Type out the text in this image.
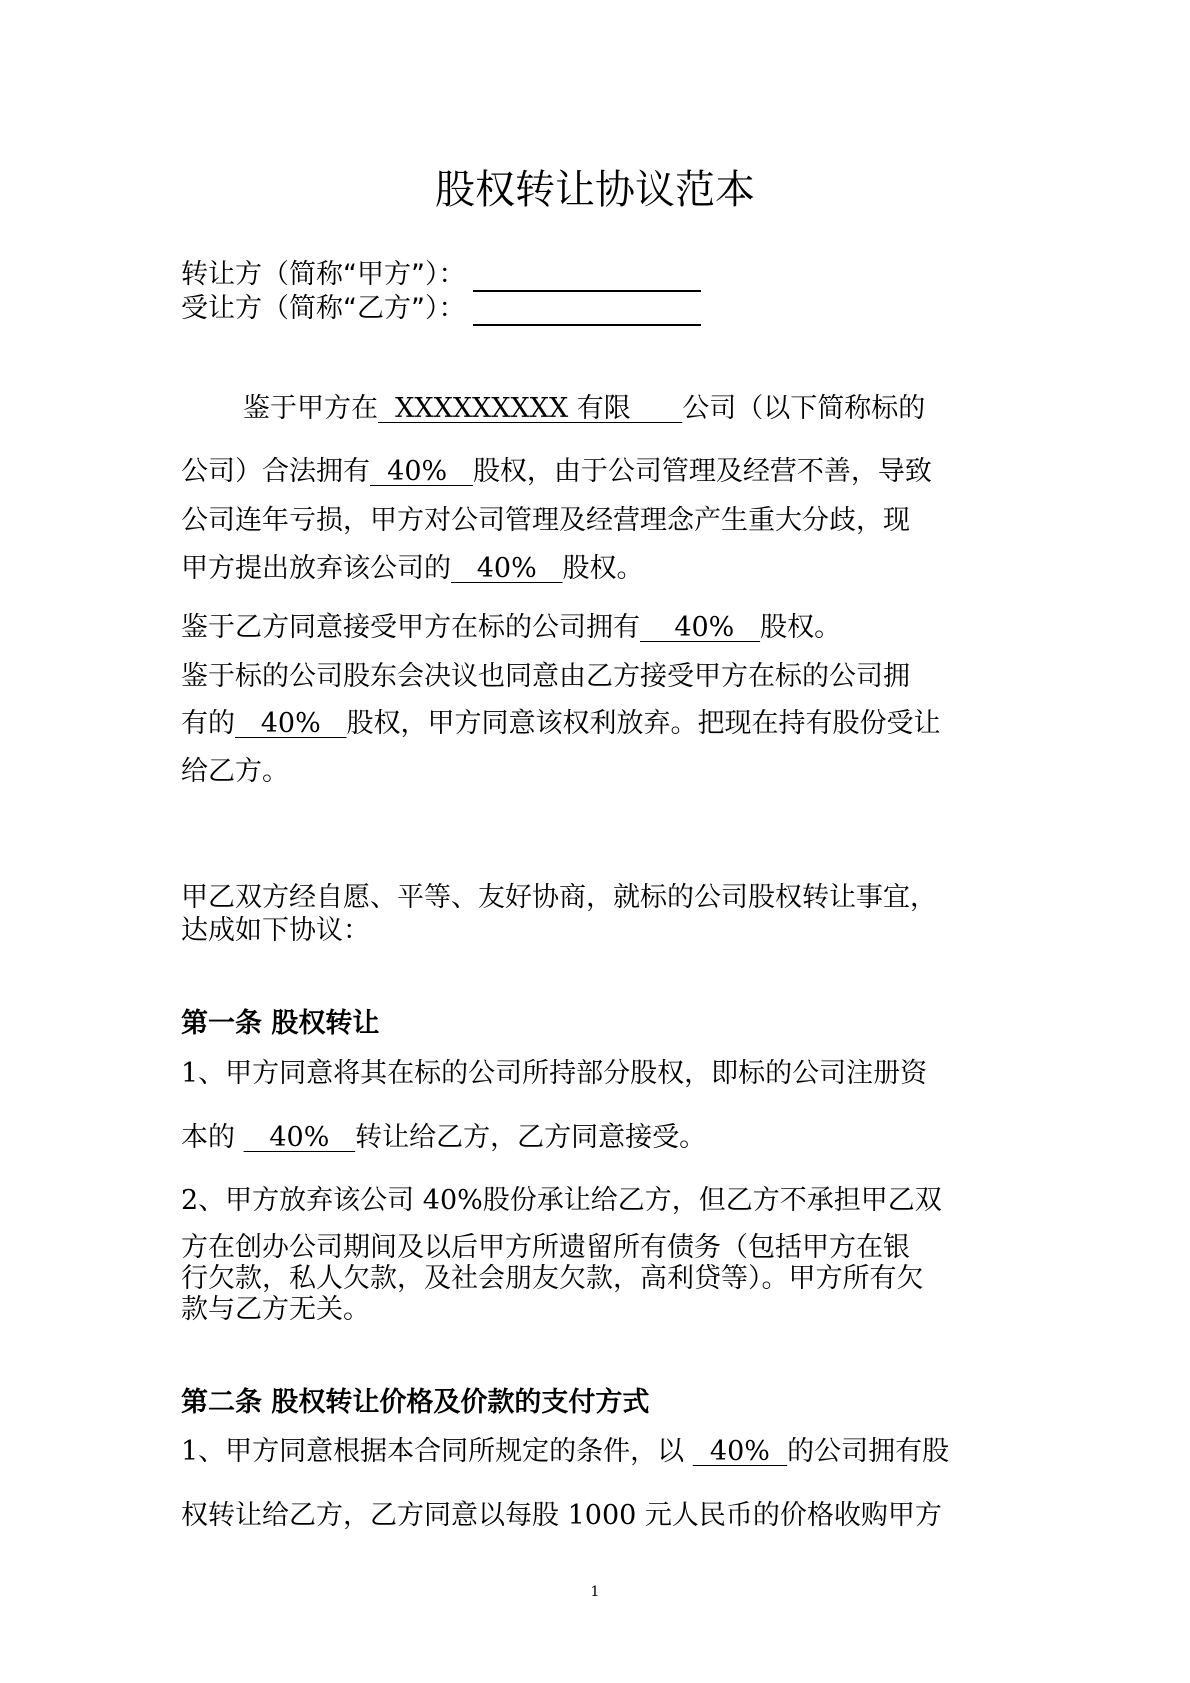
股权转让协议范本

转让方（简称“甲方”）：

受让方（简称“乙方”）：

鉴于甲方在  XXXXXXXXX 有限      公司（以下简称标的

公司）合法拥有  40%   股权，由于公司管理及经营不善，导致

公司连年亏损，甲方对公司管理及经营理念产生重大分歧，现

甲方提出放弃该公司的   40%   股权。

鉴于乙方同意接受甲方在标的公司拥有    40%   股权。

鉴于标的公司股东会决议也同意由乙方接受甲方在标的公司拥

有的   40%   股权，甲方同意该权利放弃。把现在持有股份受让

给乙方。

甲乙双方经自愿、平等、友好协商，就标的公司股权转让事宜，

达成如下协议：

第一条 股权转让

1、甲方同意将其在标的公司所持部分股权，即标的公司注册资

本的    40%   转让给乙方，乙方同意接受。

2、甲方放弃该公司 40%股份承让给乙方，但乙方不承担甲乙双

方在创办公司期间及以后甲方所遗留所有债务（包括甲方在银

行欠款，私人欠款，及社会朋友欠款，高利贷等）。甲方所有欠

款与乙方无关。

第二条 股权转让价格及价款的支付方式

1、甲方同意根据本合同所规定的条件，以   40%  的公司拥有股

权转让给乙方，乙方同意以每股 1000 元人民币的价格收购甲方

1
